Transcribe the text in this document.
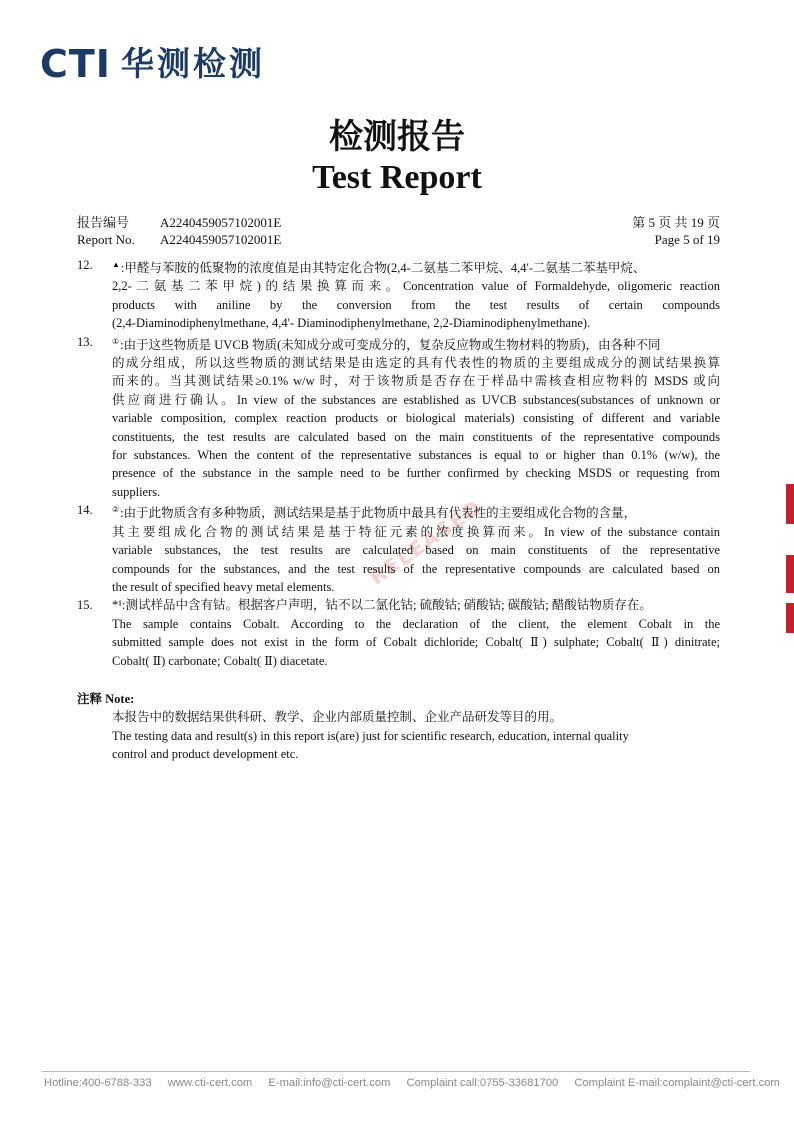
CTI 华测检测
检测报告
Test Report
报告编号 A2240459057102001E	第 5 页 共 19 页
Report No. A2240459057102001E	Page 5 of 19
RELEASED
12.	▲:甲醛与苯胺的低聚物的浓度值是由其特定化合物(2,4-二氨基二苯甲烷、4,4'-二氨基二苯基甲烷、
2,2-二氨基二苯甲烷)的结果换算而来。Concentration value of Formaldehyde, oligomeric reaction
products with aniline by the conversion from the test results of certain compounds
(2,4-Diaminodiphenylmethane, 4,4'- Diaminodiphenylmethane, 2,2-Diaminodiphenylmethane).
13.	①:由于这些物质是 UVCB 物质(未知成分或可变成分的，复杂反应物或生物材料的物质)，由各种不同
的成分组成，所以这些物质的测试结果是由选定的具有代表性的物质的主要组成成分的测试结果换算
而来的。当其测试结果≥0.1% w/w 时，对于该物质是否存在于样品中需核查相应物料的 MSDS 或向
供应商进行确认。In view of the substances are established as UVCB substances(substances of unknown or
variable composition, complex reaction products or biological materials) consisting of different and variable
constituents, the test results are calculated based on the main constituents of the representative compounds
for substances. When the content of the representative substances is equal to or higher than 0.1% (w/w), the
presence of the substance in the sample need to be further confirmed by checking MSDS or requesting from
suppliers.
14.	②:由于此物质含有多种物质，测试结果是基于此物质中最具有代表性的主要组成化合物的含量，
其主要组成化合物的测试结果是基于特征元素的浓度换算而来。In view of the substance contain
variable substances, the test results are calculated based on main constituents of the representative
compounds for the substances, and the test results of the representative compounds are calculated based on
the result of specified heavy metal elements.
15.	*¹:测试样品中含有钴。根据客户声明，钴不以二氯化钴; 硫酸钴; 硝酸钴; 碳酸钴; 醋酸钴物质存在。
The sample contains Cobalt. According to the declaration of the client, the element Cobalt in the
submitted sample does not exist in the form of Cobalt dichloride; Cobalt( Ⅱ) sulphate; Cobalt( Ⅱ) dinitrate;
Cobalt( Ⅱ) carbonate; Cobalt( Ⅱ) diacetate.
注释 Note:
本报告中的数据结果供科研、教学、企业内部质量控制、企业产品研发等目的用。
The testing data and result(s) in this report is(are) just for scientific research, education, internal quality
control and product development etc.
Hotline:400-6788-333 www.cti-cert.com E-mail:info@cti-cert.com Complaint call:0755-33681700 Complaint E-mail:complaint@cti-cert.com
